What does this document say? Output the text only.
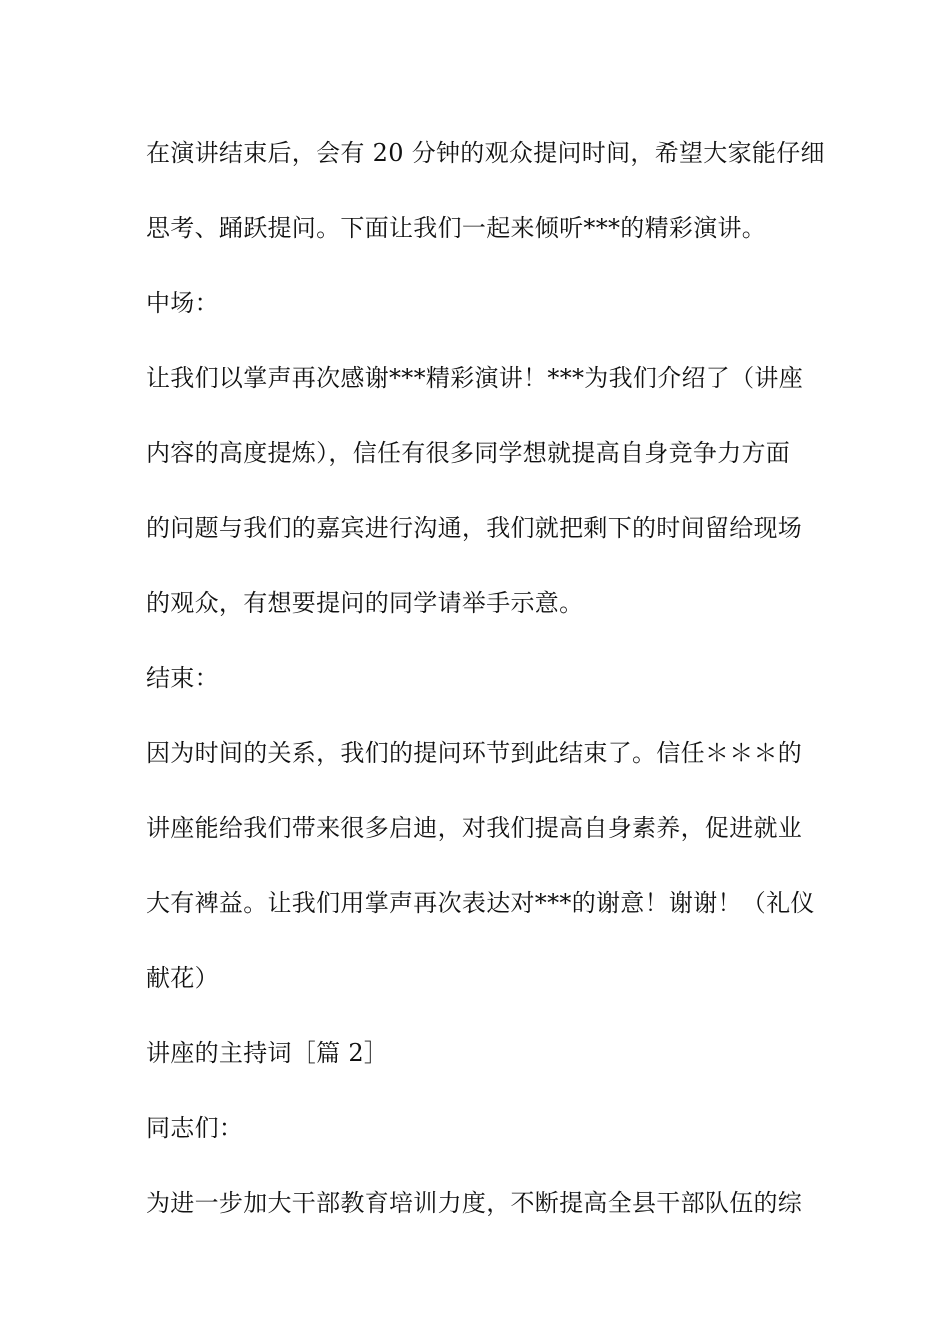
在演讲结束后，会有 20 分钟的观众提问时间，希望大家能仔细
思考、踊跃提问。下面让我们一起来倾听***的精彩演讲。
中场：
让我们以掌声再次感谢***精彩演讲！***为我们介绍了（讲座
内容的高度提炼），信任有很多同学想就提高自身竞争力方面
的问题与我们的嘉宾进行沟通，我们就把剩下的时间留给现场
的观众，有想要提问的同学请举手示意。
结束：
因为时间的关系，我们的提问环节到此结束了。信任＊＊＊的
讲座能给我们带来很多启迪，对我们提高自身素养，促进就业
大有裨益。让我们用掌声再次表达对***的谢意！谢谢！（礼仪
献花）
讲座的主持词［篇 2］
同志们：
为进一步加大干部教育培训力度，不断提高全县干部队伍的综
